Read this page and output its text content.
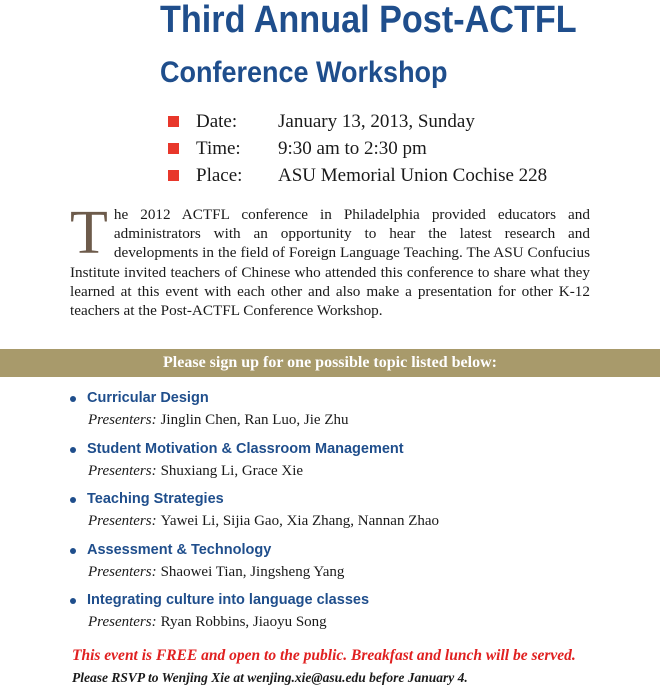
Third Annual Post-ACTFL
Conference Workshop
Date:	January 13, 2013, Sunday
Time:	9:30 am to 2:30 pm
Place:	ASU Memorial Union Cochise 228

The 2012 ACTFL conference in Philadelphia provided educators and administrators with an opportunity to hear the latest research and developments in the field of Foreign Language Teaching. The ASU Confucius Institute invited teachers of Chinese who attended this conference to share what they learned at this event with each other and also make a presentation for other K-12 teachers at the Post-ACTFL Conference Workshop.

Please sign up for one possible topic listed below:
Curricular Design
Presenters: Jinglin Chen, Ran Luo, Jie Zhu
Student Motivation & Classroom Management
Presenters: Shuxiang Li, Grace Xie
Teaching Strategies
Presenters: Yawei Li, Sijia Gao, Xia Zhang, Nannan Zhao
Assessment & Technology
Presenters: Shaowei Tian, Jingsheng Yang
Integrating culture into language classes
Presenters: Ryan Robbins, Jiaoyu Song

This event is FREE and open to the public. Breakfast and lunch will be served.

Please RSVP to Wenjing Xie at wenjing.xie@asu.edu before January 4.
